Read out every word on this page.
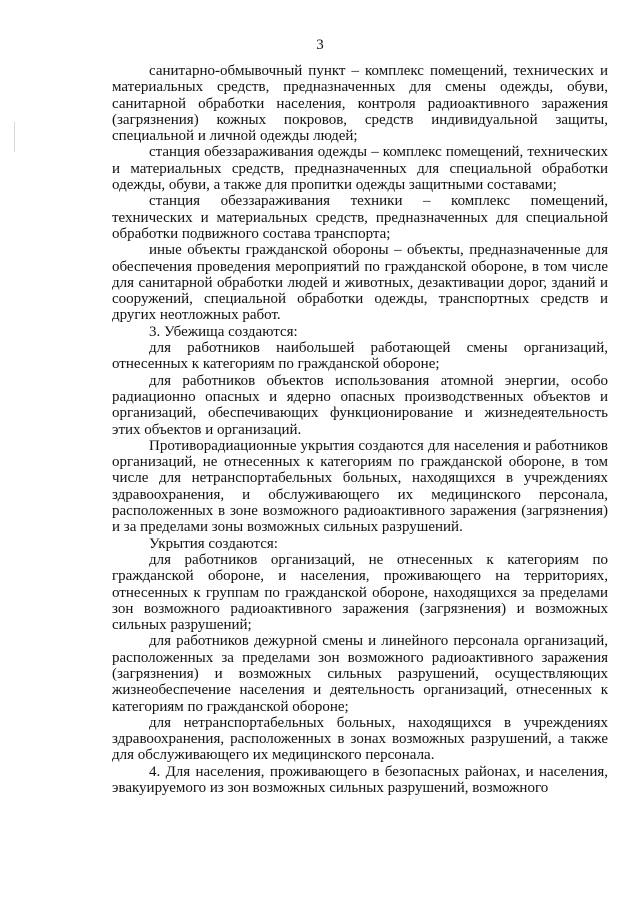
3

санитарно-обмывочный пункт – комплекс помещений, технических и материальных средств, предназначенных для смены одежды, обуви, санитарной обработки населения, контроля радиоактивного заражения (загрязнения) кожных покровов, средств индивидуальной защиты, специальной и личной одежды людей;

станция обеззараживания одежды – комплекс помещений, технических и материальных средств, предназначенных для специальной обработки одежды, обуви, а также для пропитки одежды защитными составами;

станция обеззараживания техники – комплекс помещений, технических и материальных средств, предназначенных для специальной обработки подвижного состава транспорта;

иные объекты гражданской обороны – объекты, предназначенные для обеспечения проведения мероприятий по гражданской обороне, в том числе для санитарной обработки людей и животных, дезактивации дорог, зданий и сооружений, специальной обработки одежды, транспортных средств и других неотложных работ.

3. Убежища создаются:

для работников наибольшей работающей смены организаций, отнесенных к категориям по гражданской обороне;

для работников объектов использования атомной энергии, особо радиационно опасных и ядерно опасных производственных объектов и организаций, обеспечивающих функционирование и жизнедеятельность этих объектов и организаций.

Противорадиационные укрытия создаются для населения и работников организаций, не отнесенных к категориям по гражданской обороне, в том числе для нетранспортабельных больных, находящихся в учреждениях здравоохранения, и обслуживающего их медицинского персонала, расположенных в зоне возможного радиоактивного заражения (загрязнения) и за пределами зоны возможных сильных разрушений.

Укрытия создаются:

для работников организаций, не отнесенных к категориям по гражданской обороне, и населения, проживающего на территориях, отнесенных к группам по гражданской обороне, находящихся за пределами зон возможного радиоактивного заражения (загрязнения) и возможных сильных разрушений;

для работников дежурной смены и линейного персонала организаций, расположенных за пределами зон возможного радиоактивного заражения (загрязнения) и возможных сильных разрушений, осуществляющих жизнеобеспечение населения и деятельность организаций, отнесенных к категориям по гражданской обороне;

для нетранспортабельных больных, находящихся в учреждениях здравоохранения, расположенных в зонах возможных разрушений, а также для обслуживающего их медицинского персонала.

4. Для населения, проживающего в безопасных районах, и населения, эвакуируемого из зон возможных сильных разрушений, возможного
